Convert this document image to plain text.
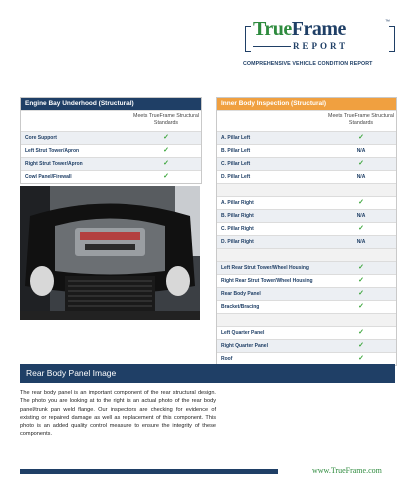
TrueFrame	™
REPORT
COMPREHENSIVE VEHICLE CONDITION REPORT
Engine Bay Underhood (Structural)
Meets TrueFrame Structural Standards
Core Support	✓
Left Strut Tower/Apron	✓
Right Strut Tower/Apron	✓
Cowl Panel/Firewall	✓
Inner Body Inspection (Structural)
Meets TrueFrame Structural Standards
A. Pillar Left	✓
B. Pillar Left	N/A
C. Pillar Left	✓
D. Pillar Left	N/A
A. Pillar Right	✓
B. Pillar Right	N/A
C. Pillar Right	✓
D. Pillar Right	N/A
Left Rear Strut Tower/Wheel Housing	✓
Right Rear Strut Tower/Wheel Housing	✓
Rear Body Panel	✓
Bracket/Bracing	✓
Left Quarter Panel	✓
Right Quarter Panel	✓
Roof	✓
Rear Body Panel Image
The rear body panel is an important component of the rear structural design. The photo you are looking at to the right is an actual photo of the rear body panel/trunk pan weld flange. Our inspectors are checking for evidence of existing or repaired damage as well as replacement of this component. This photo is an added quality control measure to ensure the integrity of these components.
www.TrueFrame.com
